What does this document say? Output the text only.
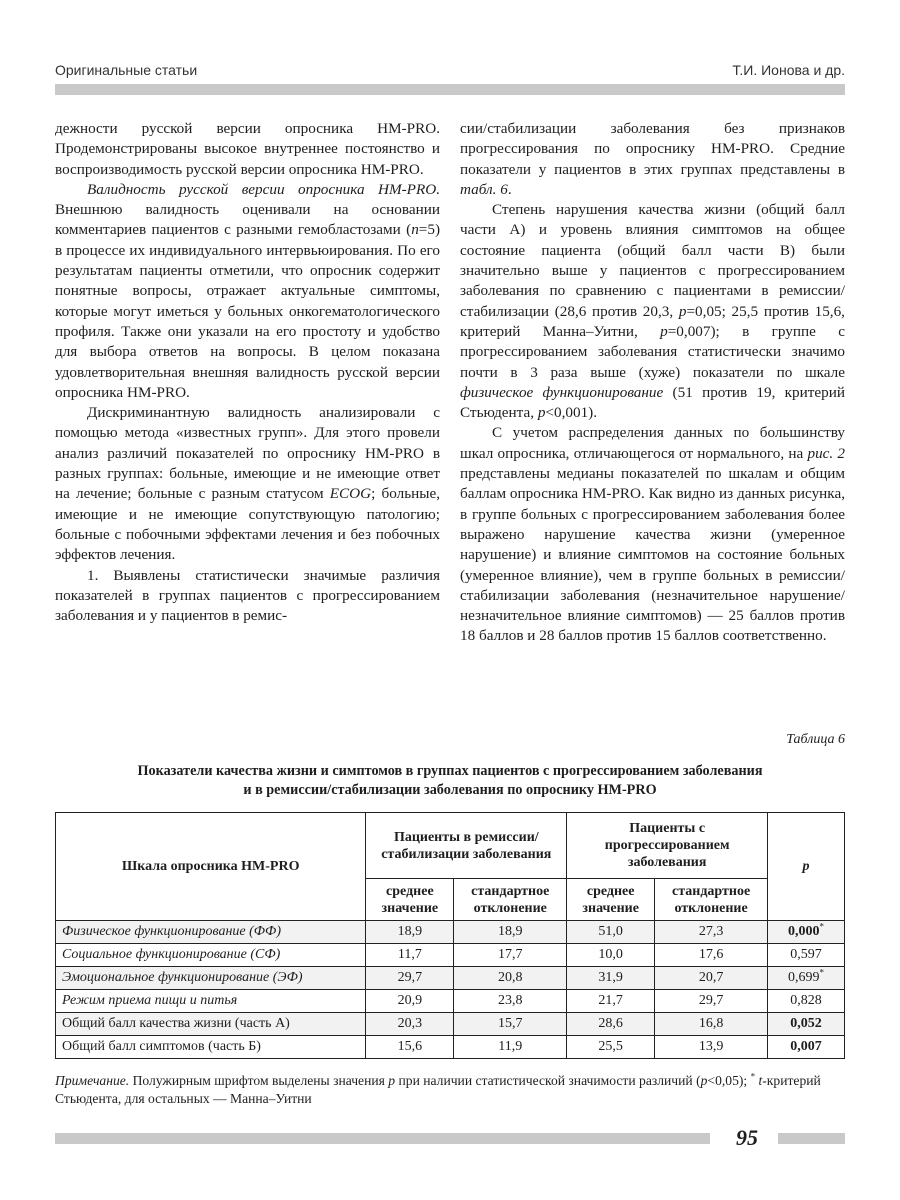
Оригинальные статьи	Т.И. Ионова и др.

дежности русской версии опросника НМ-PRO. Продемонстрированы высокое внутреннее постоянство и воспроизводимость русской версии опросника НМ-PRO.

Валидность русской версии опросника НМ-PRO. Внешнюю валидность оценивали на основании комментариев пациентов с разными гемобластозами (n=5) в процессе их индивидуального интервьюирования. По его результатам пациенты отметили, что опросник содержит понятные вопросы, отражает актуальные симптомы, которые могут иметься у больных онкогематологического профиля. Также они указали на его простоту и удобство для выбора ответов на вопросы. В целом показана удовлетворительная внешняя валидность русской версии опросника НМ-PRO.

Дискриминантную валидность анализировали с помощью метода «известных групп». Для этого провели анализ различий показателей по опроснику НМ-PRO в разных группах: больные, имеющие и не имеющие ответ на лечение; больные с разным статусом ECOG; больные, имеющие и не имеющие сопутствующую патологию; больные с побочными эффектами лечения и без побочных эффектов лечения.

1. Выявлены статистически значимые различия показателей в группах пациентов с прогрессированием заболевания и у пациентов в ремис-

сии/стабилизации заболевания без признаков прогрессирования по опроснику НМ-PRO. Средние показатели у пациентов в этих группах представлены в табл. 6.

Степень нарушения качества жизни (общий балл части А) и уровень влияния симптомов на общее состояние пациента (общий балл части В) были значительно выше у пациентов с прогрессированием заболевания по сравнению с пациентами в ремиссии/стабилизации (28,6 против 20,3, p=0,05; 25,5 против 15,6, критерий Манна–Уитни, p=0,007); в группе с прогрессированием заболевания статистически значимо почти в 3 раза выше (хуже) показатели по шкале физическое функционирование (51 против 19, критерий Стьюдента, p<0,001).

С учетом распределения данных по большинству шкал опросника, отличающегося от нормального, на рис. 2 представлены медианы показателей по шкалам и общим баллам опросника НМ-PRO. Как видно из данных рисунка, в группе больных с прогрессированием заболевания более выражено нарушение качества жизни (умеренное нарушение) и влияние симптомов на состояние больных (умеренное влияние), чем в группе больных в ремиссии/стабилизации заболевания (незначительное нарушение/незначительное влияние симптомов) — 25 баллов против 18 баллов и 28 баллов против 15 баллов соответственно.

Таблица 6
Показатели качества жизни и симптомов в группах пациентов с прогрессированием заболевания
и в ремиссии/стабилизации заболевания по опроснику НМ-PRO
Шкала опросника НМ-PRO	Пациенты в ремиссии/ стабилизации заболевания		Пациенты с прогрессированием заболевания		p
	среднее значение	стандартное отклонение	среднее значение	стандартное отклонение	
Физическое функционирование (ФФ)	18,9	18,9	51,0	27,3	0,000*
Социальное функционирование (СФ)	11,7	17,7	10,0	17,6	0,597
Эмоциональное функционирование (ЭФ)	29,7	20,8	31,9	20,7	0,699*
Режим приема пищи и питья	20,9	23,8	21,7	29,7	0,828
Общий балл качества жизни (часть А)	20,3	15,7	28,6	16,8	0,052
Общий балл симптомов (часть Б)	15,6	11,9	25,5	13,9	0,007
Примечание. Полужирным шрифтом выделены значения p при наличии статистической значимости различий (p<0,05); * t-критерий Стьюдента, для остальных — Манна–Уитни
95
